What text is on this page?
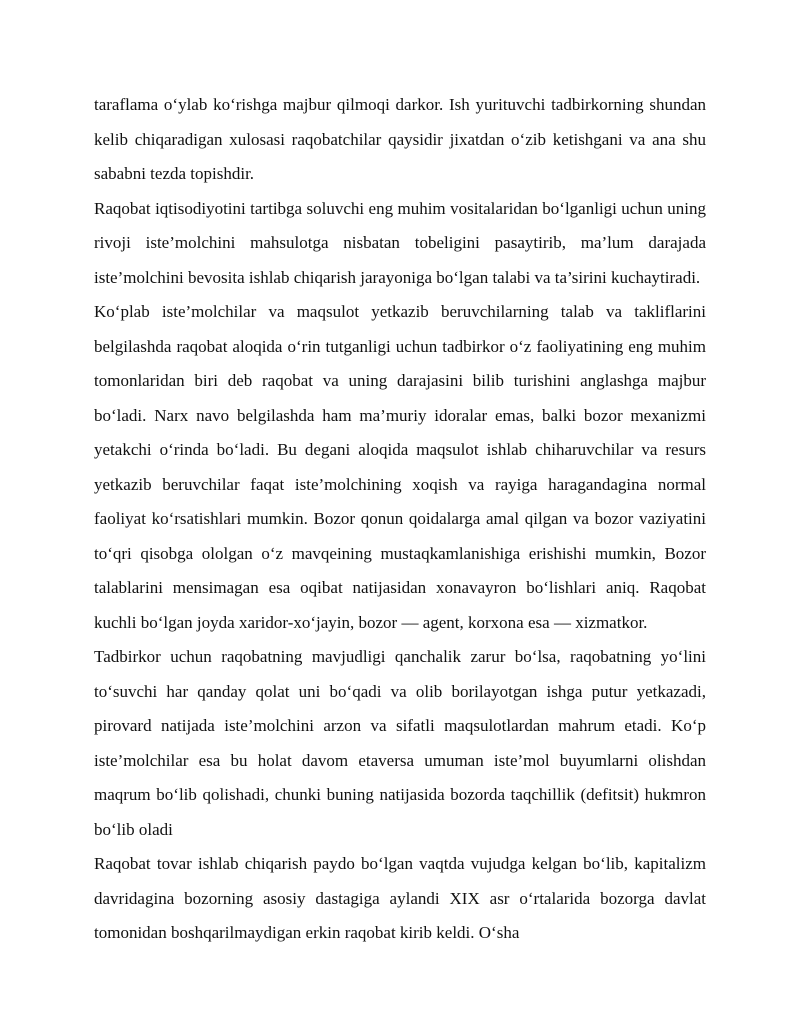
taraflama o‘ylab ko‘rishga majbur qilmoqi darkor. Ish yurituvchi tadbirkorning shundan kelib chiqaradigan xulosasi raqobatchilar qaysidir jixatdan o‘zib ketishgani va ana shu sababni tezda topishdir.

Raqobat iqtisodiyotini tartibga soluvchi eng muhim vositalaridan bo‘lganligi uchun uning rivoji iste’molchini mahsulotga nisbatan tobeligini pasaytirib, ma’lum darajada iste’molchini bevosita ishlab chiqarish jarayoniga bo‘lgan talabi va ta’sirini kuchaytiradi.

Ko‘plab iste’molchilar va maqsulot yetkazib beruvchilarning talab va takliflarini belgilashda raqobat aloqida o‘rin tutganligi uchun tadbirkor o‘z faoliyatining eng muhim tomonlaridan biri deb raqobat va uning darajasini bilib turishini anglashga majbur bo‘ladi. Narx navo belgilashda ham ma’muriy idoralar emas, balki bozor mexanizmi yetakchi o‘rinda bo‘ladi. Bu degani aloqida maqsulot ishlab chiharuvchilar va resurs yetkazib beruvchilar faqat iste’molchining xoqish va rayiga haragandagina normal faoliyat ko‘rsatishlari mumkin. Bozor qonun qoidalarga amal qilgan va bozor vaziyatini to‘qri qisobga ololgan o‘z mavqeining mustaqkamlanishiga erishishi mumkin, Bozor talablarini mensimagan esa oqibat natijasidan xonavayron bo‘lishlari aniq. Raqobat kuchli bo‘lgan joyda xaridor-xo‘jayin, bozor — agent, korxona esa — xizmatkor.

Tadbirkor uchun raqobatning mavjudligi qanchalik zarur bo‘lsa, raqobatning yo‘lini to‘suvchi har qanday qolat uni bo‘qadi va olib borilayotgan ishga putur yetkazadi, pirovard natijada iste’molchini arzon va sifatli maqsulotlardan mahrum etadi. Ko‘p iste’molchilar esa bu holat davom etaversa umuman iste’mol buyumlarni olishdan maqrum bo‘lib qolishadi, chunki buning natijasida bozorda taqchillik (defitsit) hukmron bo‘lib oladi

Raqobat tovar ishlab chiqarish paydo bo‘lgan vaqtda vujudga kelgan bo‘lib, kapitalizm davridagina bozorning asosiy dastagiga aylandi XIX asr o‘rtalarida bozorga davlat tomonidan boshqarilmaydigan erkin raqobat kirib keldi. O‘sha
